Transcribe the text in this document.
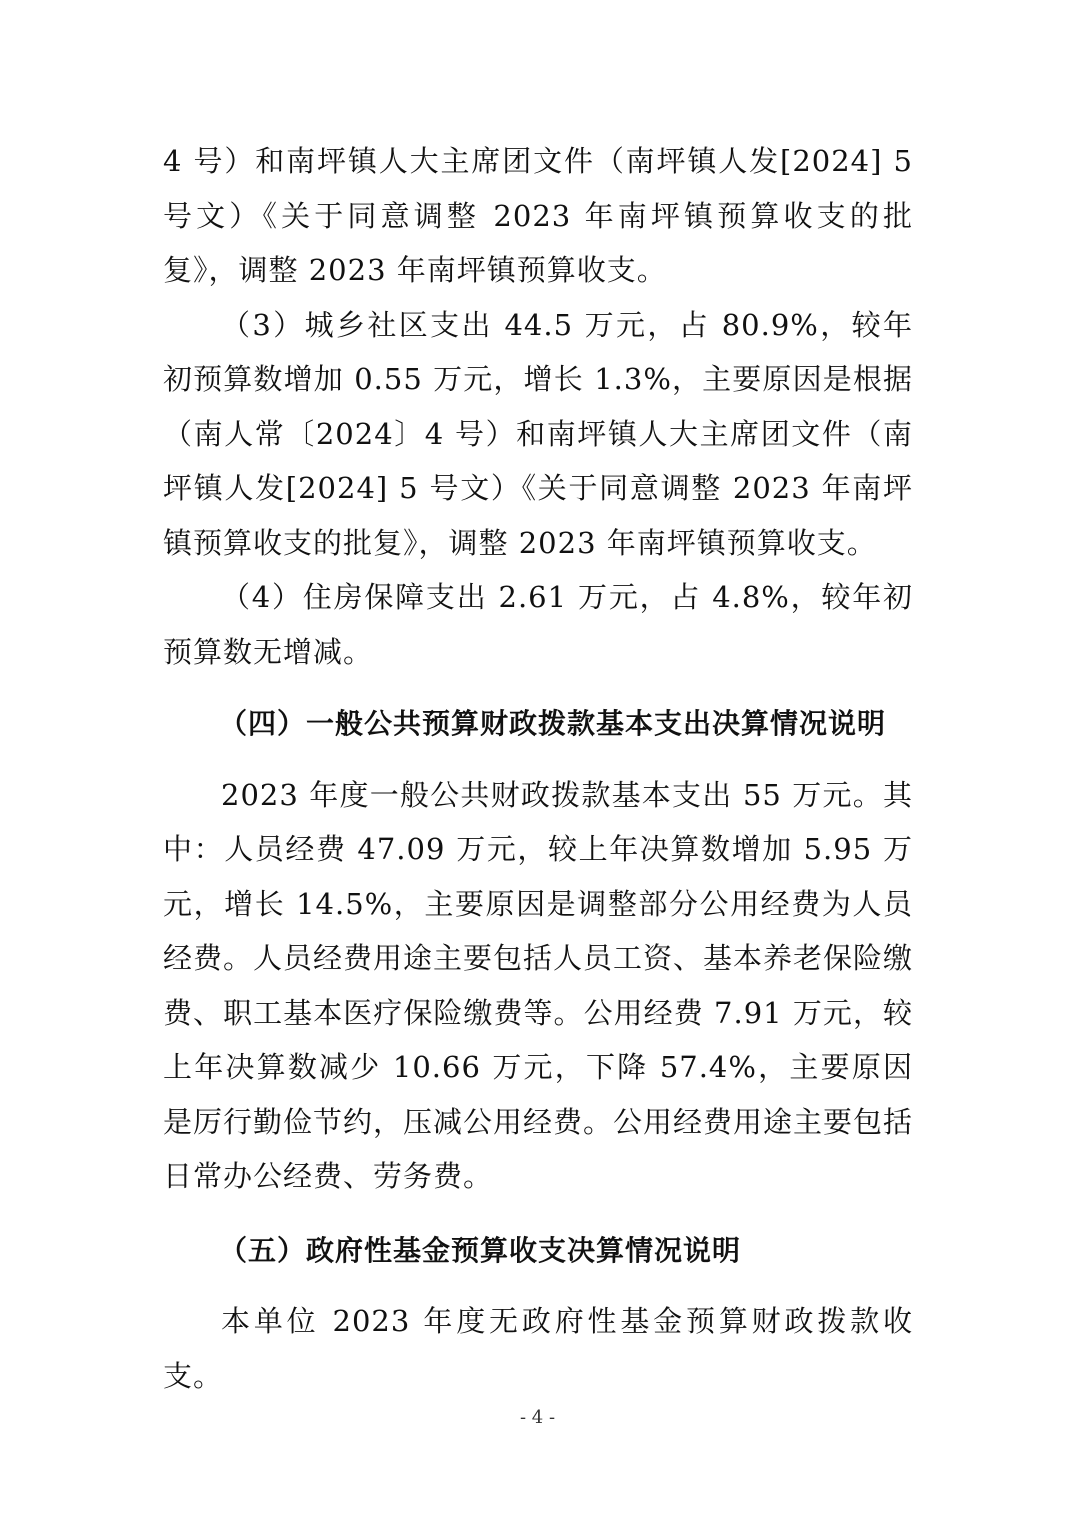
4 号）和南坪镇人大主席团文件（南坪镇人发[2024] 5 号文）《关于同意调整 2023 年南坪镇预算收支的批复》，调整 2023 年南坪镇预算收支。

（3）城乡社区支出 44.5 万元，占 80.9%，较年初预算数增加 0.55 万元，增长 1.3%，主要原因是根据（南人常〔2024〕4 号）和南坪镇人大主席团文件（南坪镇人发[2024] 5 号文）《关于同意调整 2023 年南坪镇预算收支的批复》，调整 2023 年南坪镇预算收支。

（4）住房保障支出 2.61 万元，占 4.8%，较年初预算数无增减。

（四）一般公共预算财政拨款基本支出决算情况说明

2023 年度一般公共财政拨款基本支出 55 万元。其中：人员经费 47.09 万元，较上年决算数增加 5.95 万元，增长 14.5%，主要原因是调整部分公用经费为人员经费。人员经费用途主要包括人员工资、基本养老保险缴费、职工基本医疗保险缴费等。公用经费 7.91 万元，较上年决算数减少 10.66 万元，下降 57.4%，主要原因是厉行勤俭节约，压减公用经费。公用经费用途主要包括日常办公经费、劳务费。

（五）政府性基金预算收支决算情况说明

本单位 2023 年度无政府性基金预算财政拨款收支。

- 4 -
